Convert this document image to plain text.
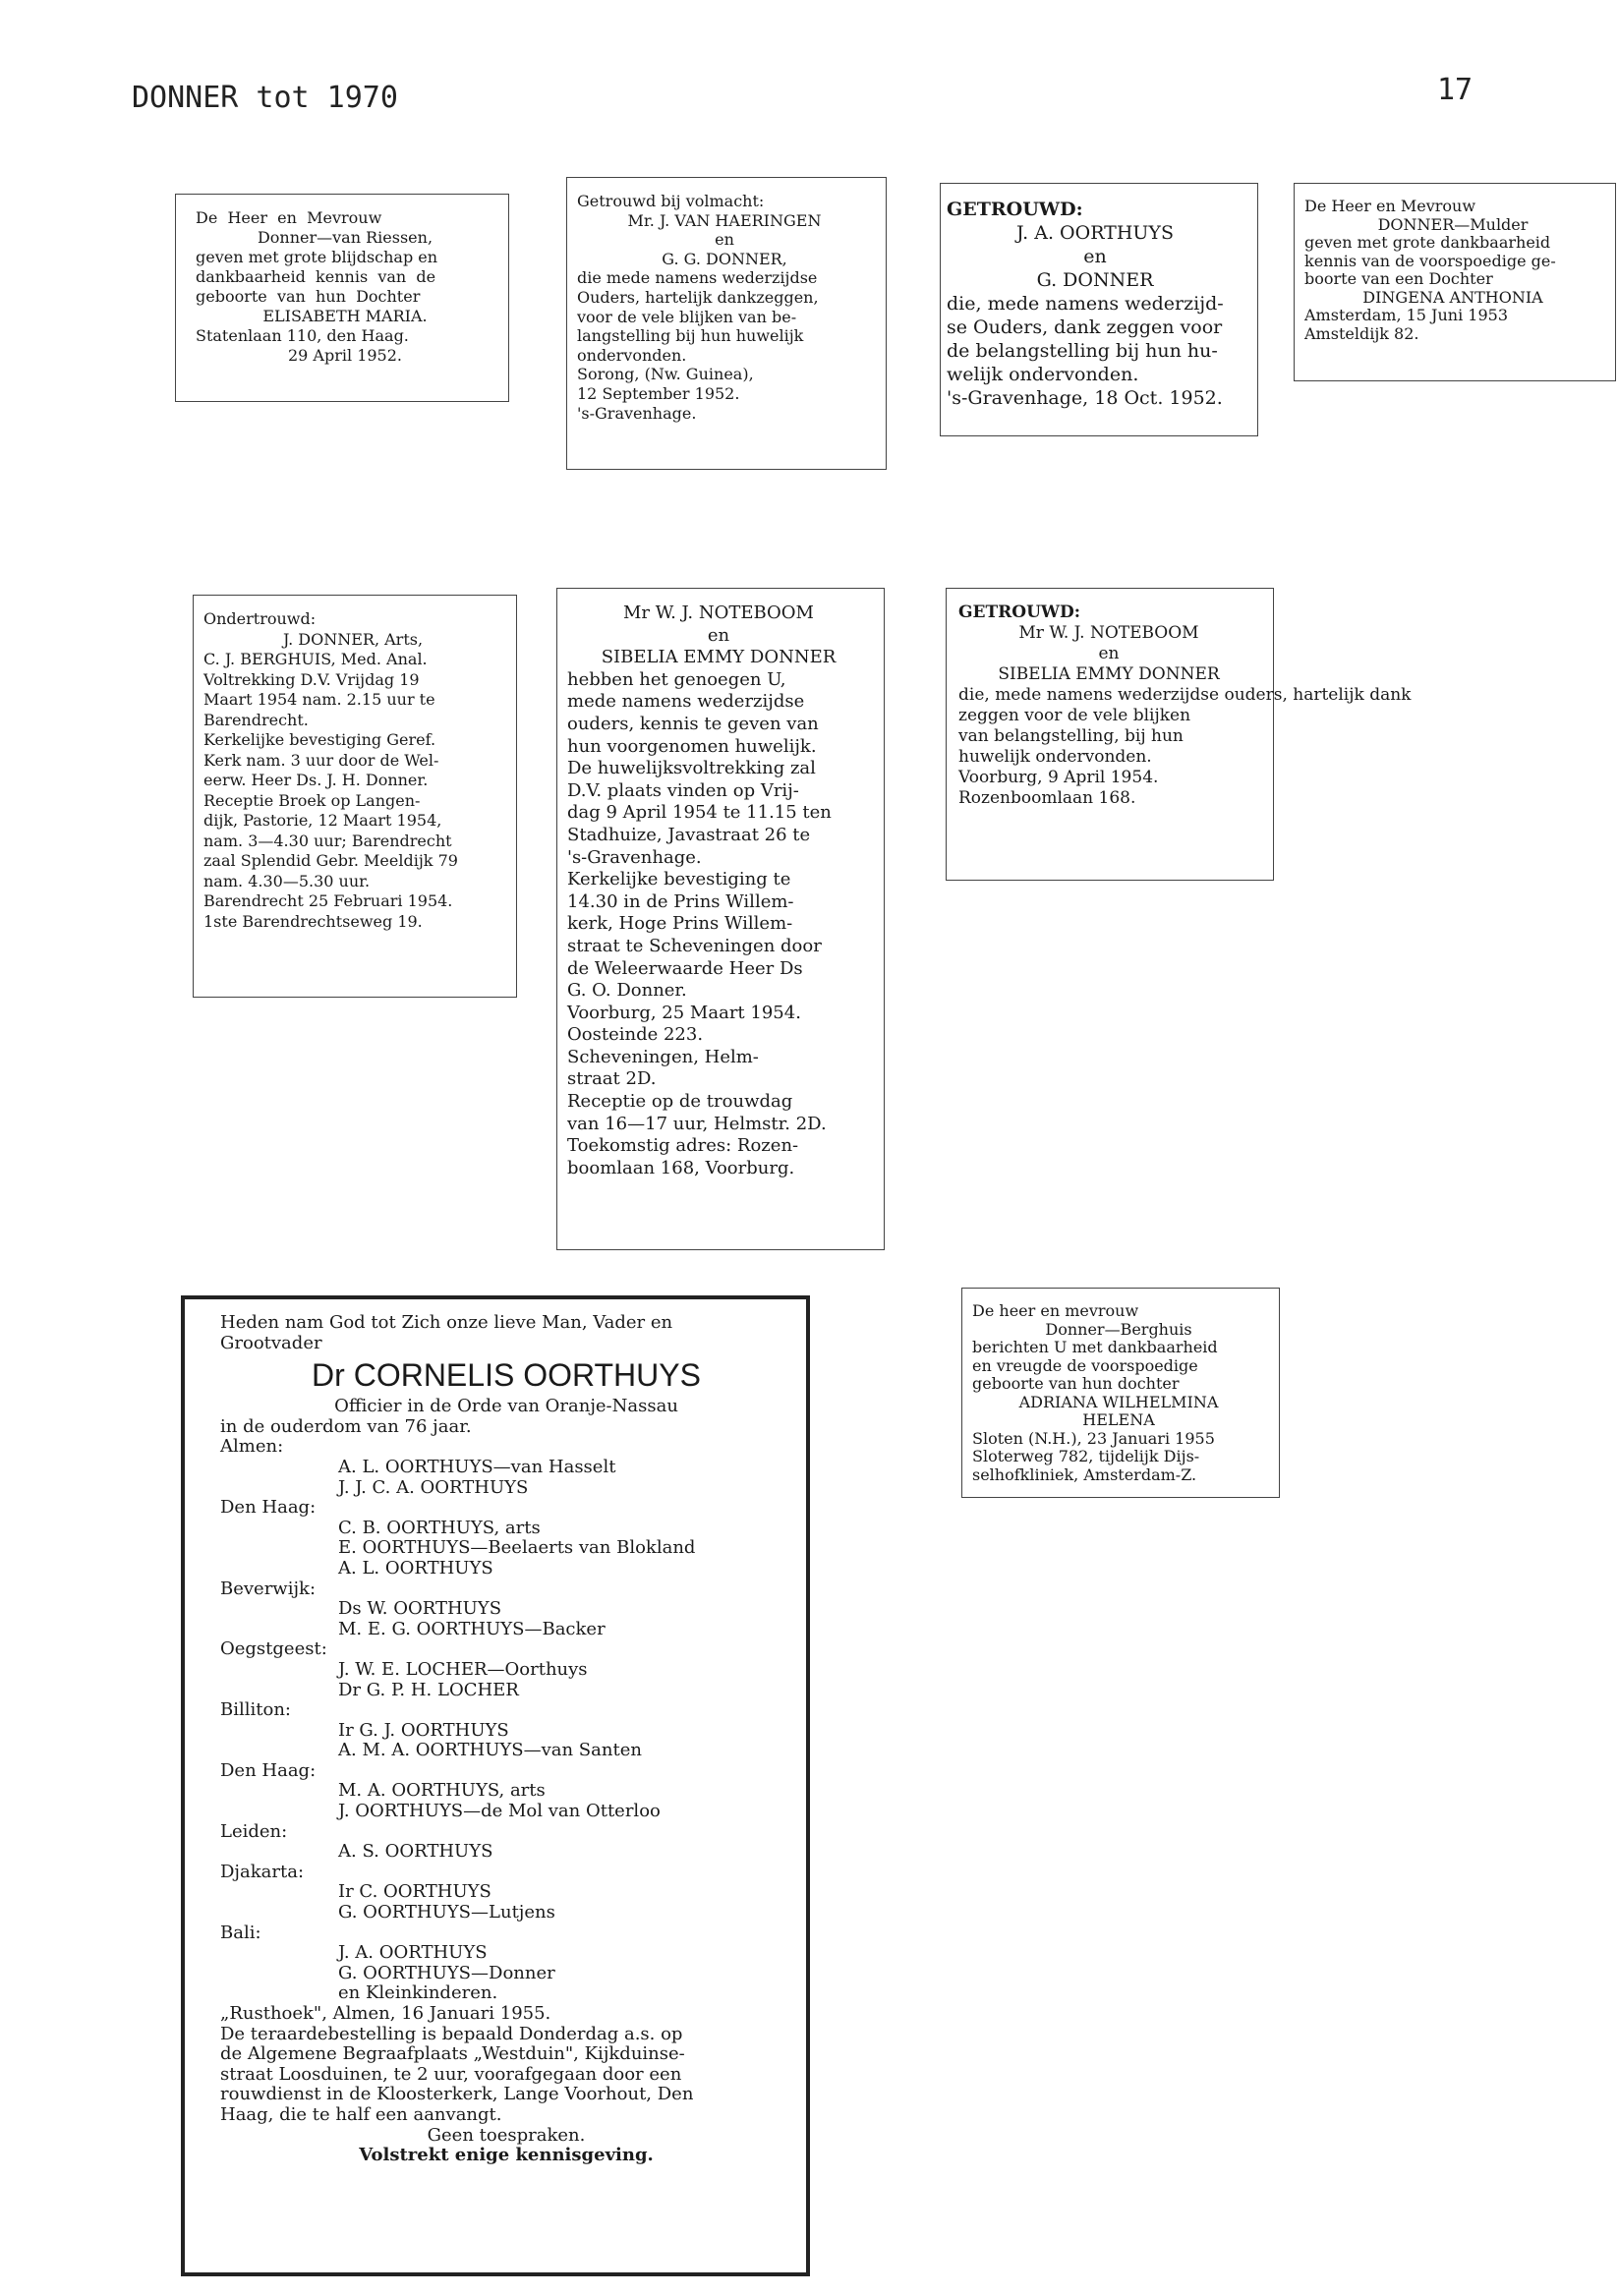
DONNER tot 1970	17
De  Heer  en  Mevrouw
Donner—van Riessen,
geven met grote blijdschap en
dankbaarheid  kennis  van  de
geboorte  van  hun  Dochter
ELISABETH MARIA.
Statenlaan 110, den Haag.
29 April 1952.
Getrouwd bij volmacht:
Mr. J. VAN HAERINGEN
en
G. G. DONNER,
die mede namens wederzijdse
Ouders, hartelijk dankzeggen,
voor de vele blijken van be-
langstelling bij hun huwelijk
ondervonden.
Sorong, (Nw. Guinea),
12 September 1952.
's-Gravenhage.
GETROUWD:
J. A. OORTHUYS
en
G. DONNER
die, mede namens wederzijd-
se Ouders, dank zeggen voor
de belangstelling bij hun hu-
welijk ondervonden.
's-Gravenhage, 18 Oct. 1952.
De Heer en Mevrouw
DONNER—Mulder
geven met grote dankbaarheid
kennis van de voorspoedige ge-
boorte van een Dochter
DINGENA ANTHONIA
Amsterdam, 15 Juni 1953
Amsteldijk 82.
Ondertrouwd:
J. DONNER, Arts,
C. J. BERGHUIS, Med. Anal.
Voltrekking D.V. Vrijdag 19
Maart 1954 nam. 2.15 uur te
Barendrecht.
Kerkelijke bevestiging Geref.
Kerk nam. 3 uur door de Wel-
eerw. Heer Ds. J. H. Donner.
Receptie Broek op Langen-
dijk, Pastorie, 12 Maart 1954,
nam. 3—4.30 uur; Barendrecht
zaal Splendid Gebr. Meeldijk 79
nam. 4.30—5.30 uur.
Barendrecht 25 Februari 1954.
1ste Barendrechtseweg 19.
Mr W. J. NOTEBOOM
en
SIBELIA EMMY DONNER
hebben het genoegen U,
mede namens wederzijdse
ouders, kennis te geven van
hun voorgenomen huwelijk.
De huwelijksvoltrekking zal
D.V. plaats vinden op Vrij-
dag 9 April 1954 te 11.15 ten
Stadhuize, Javastraat 26 te
's-Gravenhage.
Kerkelijke bevestiging te
14.30 in de Prins Willem-
kerk, Hoge Prins Willem-
straat te Scheveningen door
de Weleerwaarde Heer Ds
G. O. Donner.
Voorburg, 25 Maart 1954.
Oosteinde 223.
Scheveningen, Helm-
straat 2D.
Receptie op de trouwdag
van 16—17 uur, Helmstr. 2D.
Toekomstig adres: Rozen-
boomlaan 168, Voorburg.
GETROUWD:
Mr W. J. NOTEBOOM
en
SIBELIA EMMY DONNER
die, mede namens wederzijdse ouders, hartelijk dank
zeggen voor de vele blijken
van belangstelling, bij hun
huwelijk ondervonden.
Voorburg, 9 April 1954.
Rozenboomlaan 168.
Heden nam God tot Zich onze lieve Man, Vader en
Grootvader
Dr CORNELIS OORTHUYS
Officier in de Orde van Oranje-Nassau
in de ouderdom van 76 jaar.
Almen:
A. L. OORTHUYS—van Hasselt
J. J. C. A. OORTHUYS
Den Haag:
C. B. OORTHUYS, arts
E. OORTHUYS—Beelaerts van Blokland
A. L. OORTHUYS
Beverwijk:
Ds W. OORTHUYS
M. E. G. OORTHUYS—Backer
Oegstgeest:
J. W. E. LOCHER—Oorthuys
Dr G. P. H. LOCHER
Billiton:
Ir G. J. OORTHUYS
A. M. A. OORTHUYS—van Santen
Den Haag:
M. A. OORTHUYS, arts
J. OORTHUYS—de Mol van Otterloo
Leiden:
A. S. OORTHUYS
Djakarta:
Ir C. OORTHUYS
G. OORTHUYS—Lutjens
Bali:
J. A. OORTHUYS
G. OORTHUYS—Donner
en Kleinkinderen.
„Rusthoek", Almen, 16 Januari 1955.
De teraardebestelling is bepaald Donderdag a.s. op
de Algemene Begraafplaats „Westduin", Kijkduinse-
straat Loosduinen, te 2 uur, voorafgegaan door een
rouwdienst in de Kloosterkerk, Lange Voorhout, Den
Haag, die te half een aanvangt.
Geen toespraken.
Volstrekt enige kennisgeving.
De heer en mevrouw
Donner—Berghuis
berichten U met dankbaarheid
en vreugde de voorspoedige
geboorte van hun dochter
ADRIANA WILHELMINA
HELENA
Sloten (N.H.), 23 Januari 1955
Sloterweg 782, tijdelijk Dijs-
selhofkliniek, Amsterdam-Z.
